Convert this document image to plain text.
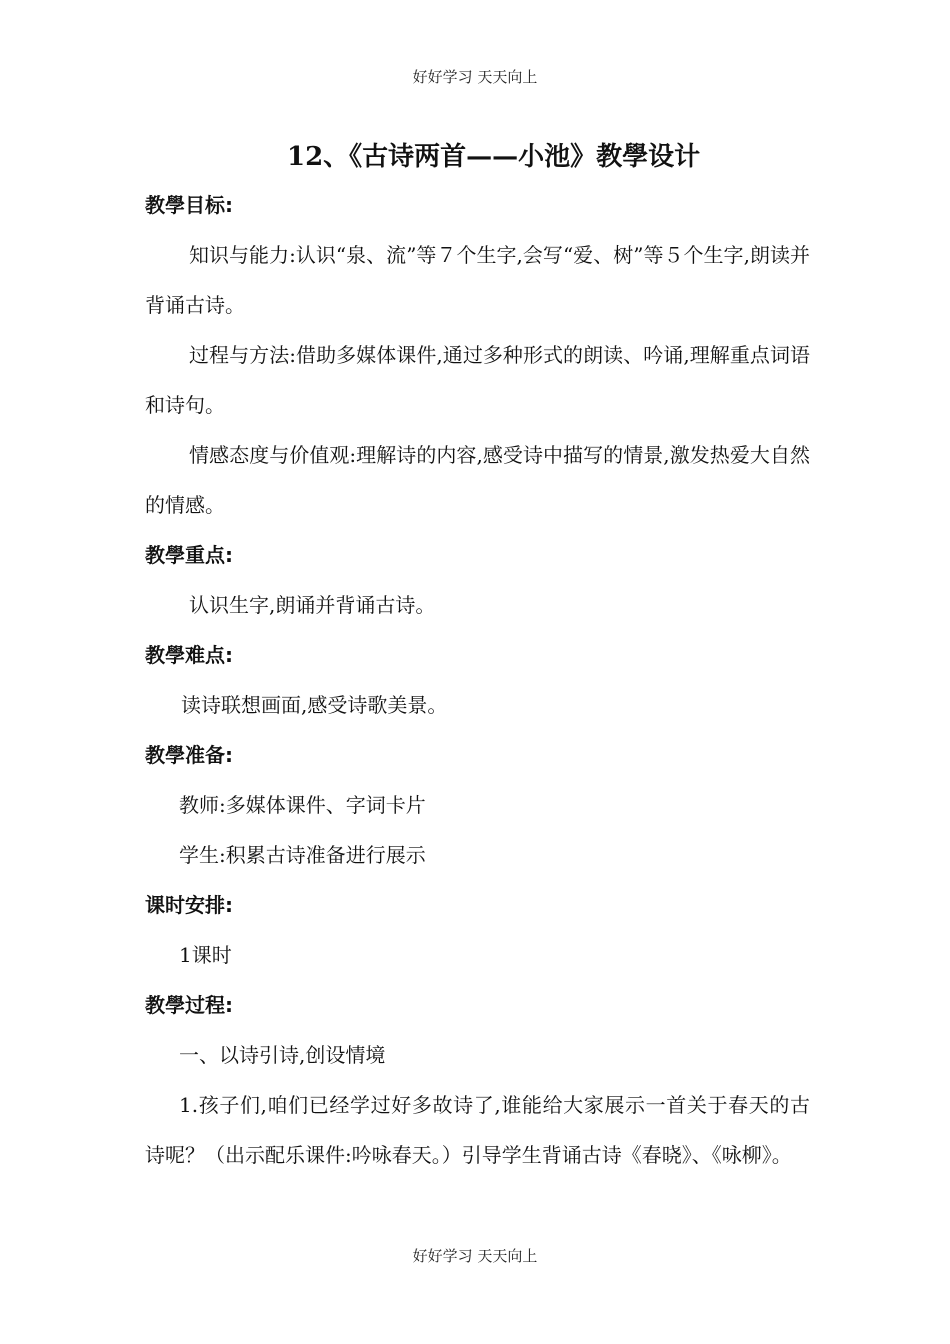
好好学习 天天向上
12、《古诗两首——小池》教學设计

教學目标:

知识与能力:认识“泉、流”等７个生字,会写“爱、树”等５个生字,朗读并背诵古诗。

过程与方法:借助多媒体课件,通过多种形式的朗读、吟诵,理解重点词语和诗句。

情感态度与价值观:理解诗的内容,感受诗中描写的情景,激发热爱大自然的情感。

教學重点:

认识生字,朗诵并背诵古诗。

教學难点:

读诗联想画面,感受诗歌美景。

教學准备:

教师:多媒体课件、字词卡片

学生:积累古诗准备进行展示

课时安排:

1课时

教學过程:

一、以诗引诗,创设情境

1.孩子们,咱们已经学过好多故诗了,谁能给大家展示一首关于春天的古诗呢？（出示配乐课件:吟咏春天。）引导学生背诵古诗《春晓》、《咏柳》。

好好学习 天天向上
